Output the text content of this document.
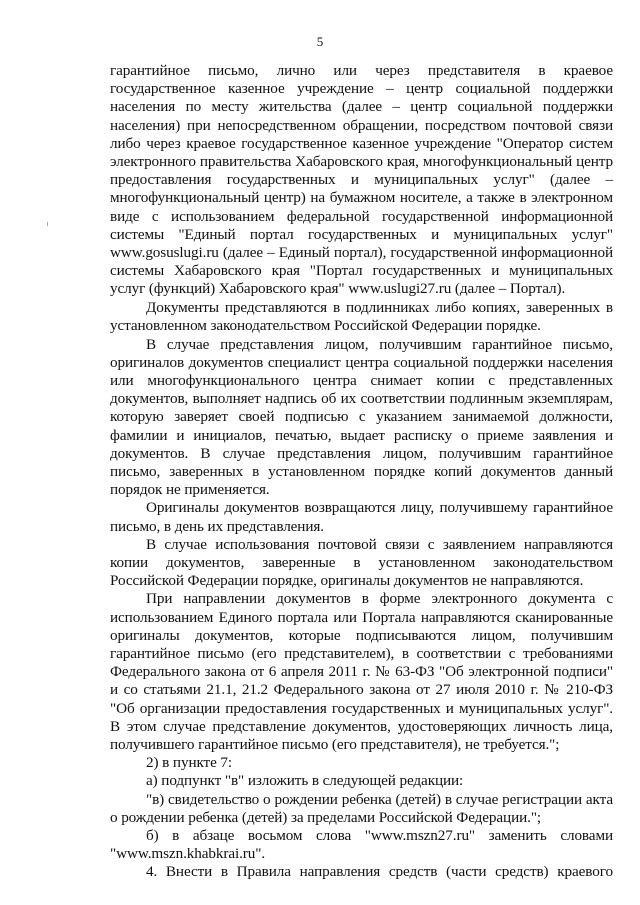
5

гарантийное письмо, лично или через представителя в краевое государственное казенное учреждение – центр социальной поддержки населения по месту жительства (далее – центр социальной поддержки населения) при непосредственном обращении, посредством почтовой связи либо через краевое государственное казенное учреждение "Оператор систем электронного правительства Хабаровского края, многофункциональный центр предоставления государственных и муниципальных услуг" (далее – многофункциональный центр) на бумажном носителе, а также в электронном виде с использованием федеральной государственной информационной системы "Единый портал государственных и муниципальных услуг" www.gosuslugi.ru (далее – Единый портал), государственной информационной системы Хабаровского края "Портал государственных и муниципальных услуг (функций) Хабаровского края" www.uslugi27.ru (далее – Портал).

Документы представляются в подлинниках либо копиях, заверенных в установленном законодательством Российской Федерации порядке.

В случае представления лицом, получившим гарантийное письмо, оригиналов документов специалист центра социальной поддержки населения или многофункционального центра снимает копии с представленных документов, выполняет надпись об их соответствии подлинным экземплярам, которую заверяет своей подписью с указанием занимаемой должности, фамилии и инициалов, печатью, выдает расписку о приеме заявления и документов. В случае представления лицом, получившим гарантийное письмо, заверенных в установленном порядке копий документов данный порядок не применяется.

Оригиналы документов возвращаются лицу, получившему гарантийное письмо, в день их представления.

В случае использования почтовой связи с заявлением направляются копии документов, заверенные в установленном законодательством Российской Федерации порядке, оригиналы документов не направляются.

При направлении документов в форме электронного документа с использованием Единого портала или Портала направляются сканированные оригиналы документов, которые подписываются лицом, получившим гарантийное письмо (его представителем), в соответствии с требованиями Федерального закона от 6 апреля 2011 г. № 63-ФЗ "Об электронной подписи" и со статьями 21.1, 21.2 Федерального закона от 27 июля 2010 г. № 210-ФЗ "Об организации предоставления государственных и муниципальных услуг". В этом случае представление документов, удостоверяющих личность лица, получившего гарантийное письмо (его представителя), не требуется.";

2) в пункте 7:

а) подпункт "в" изложить в следующей редакции:

"в) свидетельство о рождении ребенка (детей) в случае регистрации акта о рождении ребенка (детей) за пределами Российской Федерации.";

б) в абзаце восьмом слова "www.mszn27.ru" заменить словами "www.mszn.khabkrai.ru".

4. Внести в Правила направления средств (части средств) краевого
